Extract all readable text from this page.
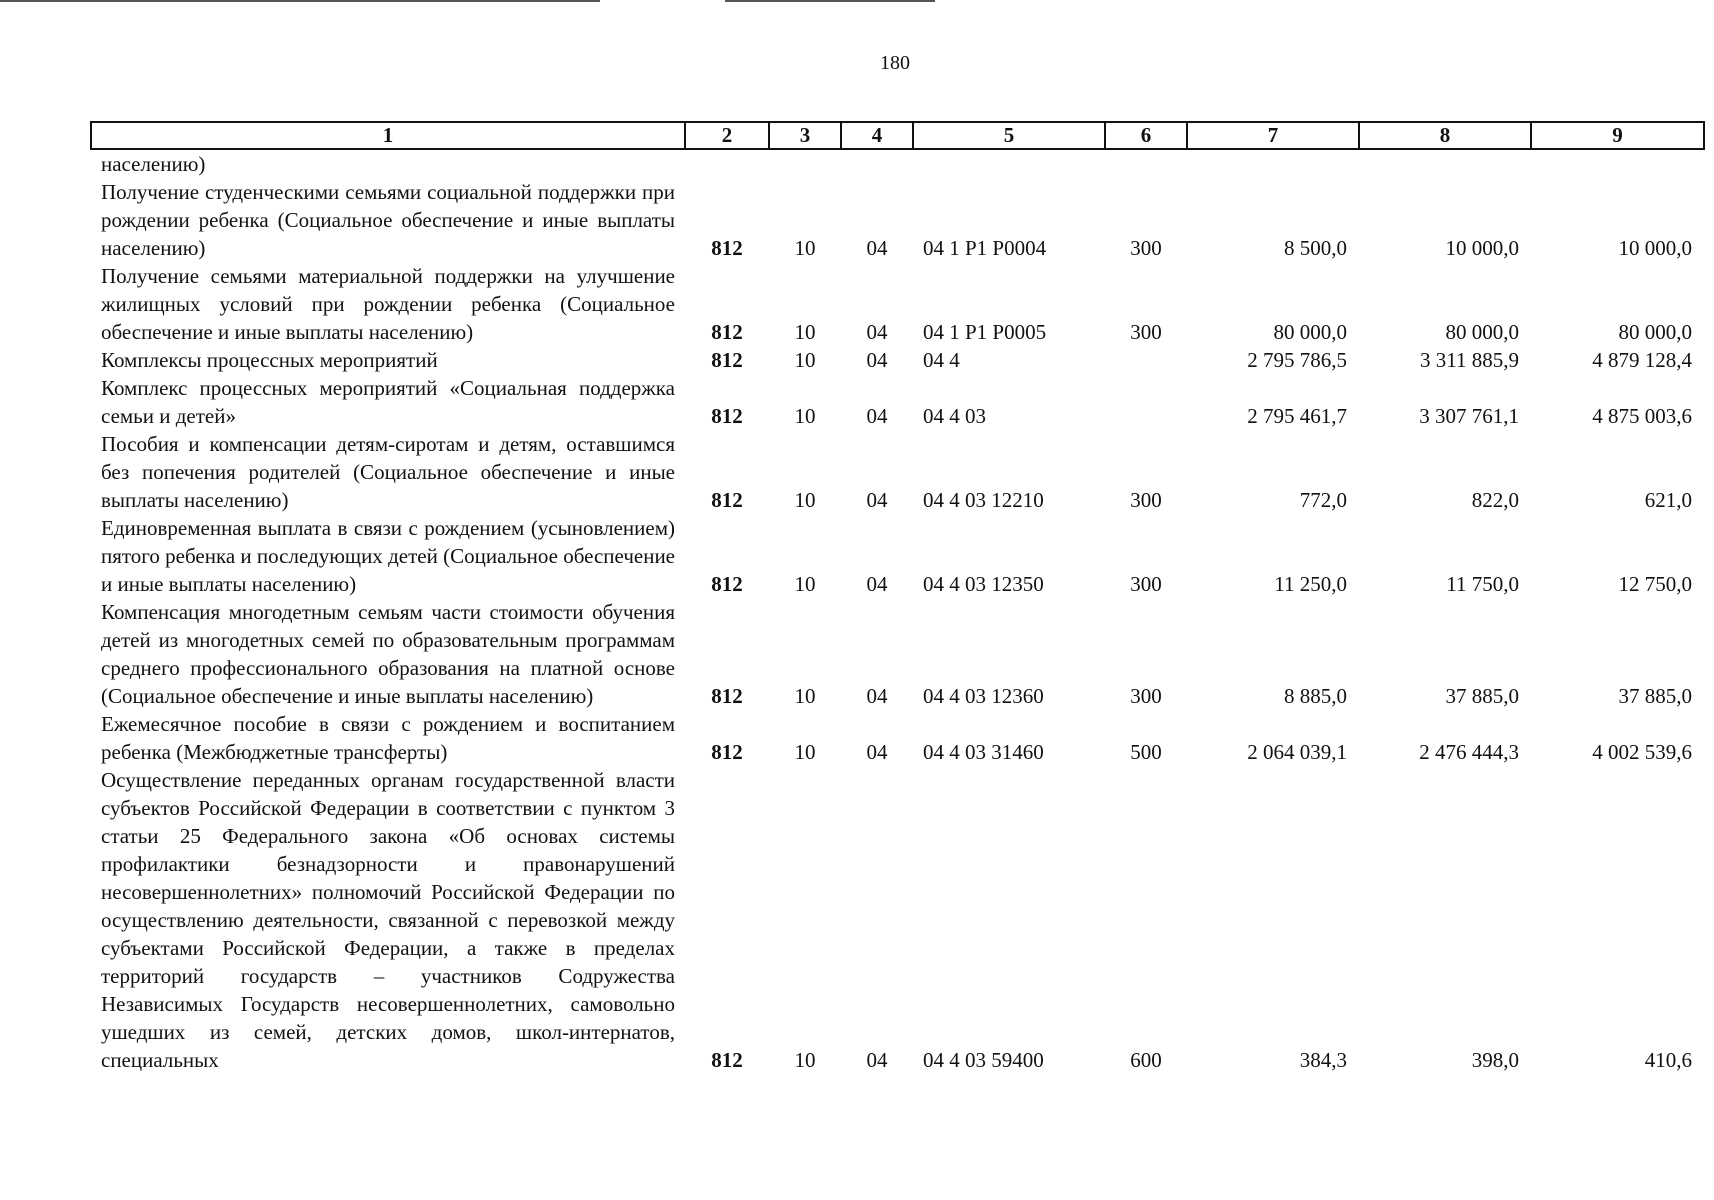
180
1	2	3	4	5	6	7	8	9
населению)								
Получение студенческими семьями социальной поддержки при рождении ребенка (Социальное обеспечение и иные выплаты населению)	812	10	04	04 1 Р1 Р0004	300	8 500,0	10 000,0	10 000,0
Получение семьями материальной поддержки на улучшение жилищных условий при рождении ребенка (Социальное обеспечение и иные выплаты населению)	812	10	04	04 1 Р1 Р0005	300	80 000,0	80 000,0	80 000,0
Комплексы процессных мероприятий	812	10	04	04 4		2 795 786,5	3 311 885,9	4 879 128,4
Комплекс процессных мероприятий «Социальная поддержка семьи и детей»	812	10	04	04 4 03		2 795 461,7	3 307 761,1	4 875 003,6
Пособия и компенсации детям-сиротам и детям, оставшимся без попечения родителей (Социальное обеспечение и иные выплаты населению)	812	10	04	04 4 03 12210	300	772,0	822,0	621,0
Единовременная выплата в связи с рождением (усыновлением) пятого ребенка и последующих детей (Социальное обеспечение и иные выплаты населению)	812	10	04	04 4 03 12350	300	11 250,0	11 750,0	12 750,0
Компенсация многодетным семьям части стоимости обучения детей из многодетных семей по образовательным программам среднего профессионального образования на платной основе (Социальное обеспечение и иные выплаты населению)	812	10	04	04 4 03 12360	300	8 885,0	37 885,0	37 885,0
Ежемесячное пособие в связи с рождением и воспитанием ребенка (Межбюджетные трансферты)	812	10	04	04 4 03 31460	500	2 064 039,1	2 476 444,3	4 002 539,6
Осуществление переданных органам государственной власти субъектов Российской Федерации в соответствии с пунктом 3 статьи 25 Федерального закона «Об основах системы профилактики безнадзорности и правонарушений несовершеннолетних» полномочий Российской Федерации по осуществлению деятельности, связанной с перевозкой между субъектами Российской Федерации, а также в пределах территорий государств – участников Содружества Независимых Государств несовершеннолетних, самовольно ушедших из семей, детских домов, школ-интернатов, специальных	812	10	04	04 4 03 59400	600	384,3	398,0	410,6
